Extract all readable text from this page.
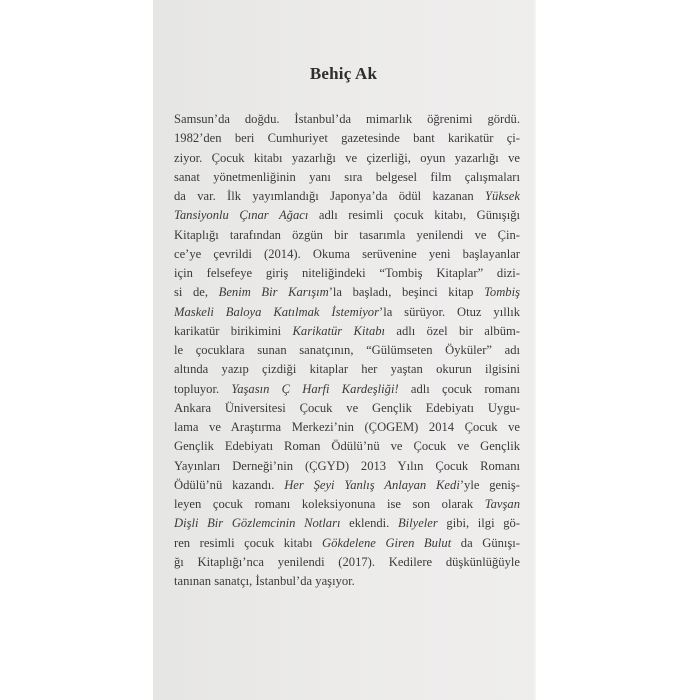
Behiç Ak
Samsun’da doğdu. İstanbul’da mimarlık öğrenimi gördü.
1982’den beri Cumhuriyet gazetesinde bant karikatür çi-
ziyor. Çocuk kitabı yazarlığı ve çizerliği, oyun yazarlığı ve
sanat yönetmenliğinin yanı sıra belgesel film çalışmaları
da var. İlk yayımlandığı Japonya’da ödül kazanan Yüksek
Tansiyonlu Çınar Ağacı adlı resimli çocuk kitabı, Günışığı
Kitaplığı tarafından özgün bir tasarımla yenilendi ve Çin-
ce’ye çevrildi (2014). Okuma serüvenine yeni başlayanlar
için felsefeye giriş niteliğindeki “Tombiş Kitaplar” dizi-
si de, Benim Bir Karışım’la başladı, beşinci kitap Tombiş
Maskeli Baloya Katılmak İstemiyor’la sürüyor. Otuz yıllık
karikatür birikimini Karikatür Kitabı adlı özel bir albüm-
le çocuklara sunan sanatçının, “Gülümseten Öyküler” adı
altında yazıp çizdiği kitaplar her yaştan okurun ilgisini
topluyor. Yaşasın Ç Harfi Kardeşliği! adlı çocuk romanı
Ankara Üniversitesi Çocuk ve Gençlik Edebiyatı Uygu-
lama ve Araştırma Merkezi’nin (ÇOGEM) 2014 Çocuk ve
Gençlik Edebiyatı Roman Ödülü’nü ve Çocuk ve Gençlik
Yayınları Derneği’nin (ÇGYD) 2013 Yılın Çocuk Romanı
Ödülü’nü kazandı. Her Şeyi Yanlış Anlayan Kedi’yle geniş-
leyen çocuk romanı koleksiyonuna ise son olarak Tavşan
Dişli Bir Gözlemcinin Notları eklendi. Bilyeler gibi, ilgi gö-
ren resimli çocuk kitabı Gökdelene Giren Bulut da Günışı-
ğı Kitaplığı’nca yenilendi (2017). Kedilere düşkünlüğüyle
tanınan sanatçı, İstanbul’da yaşıyor.
